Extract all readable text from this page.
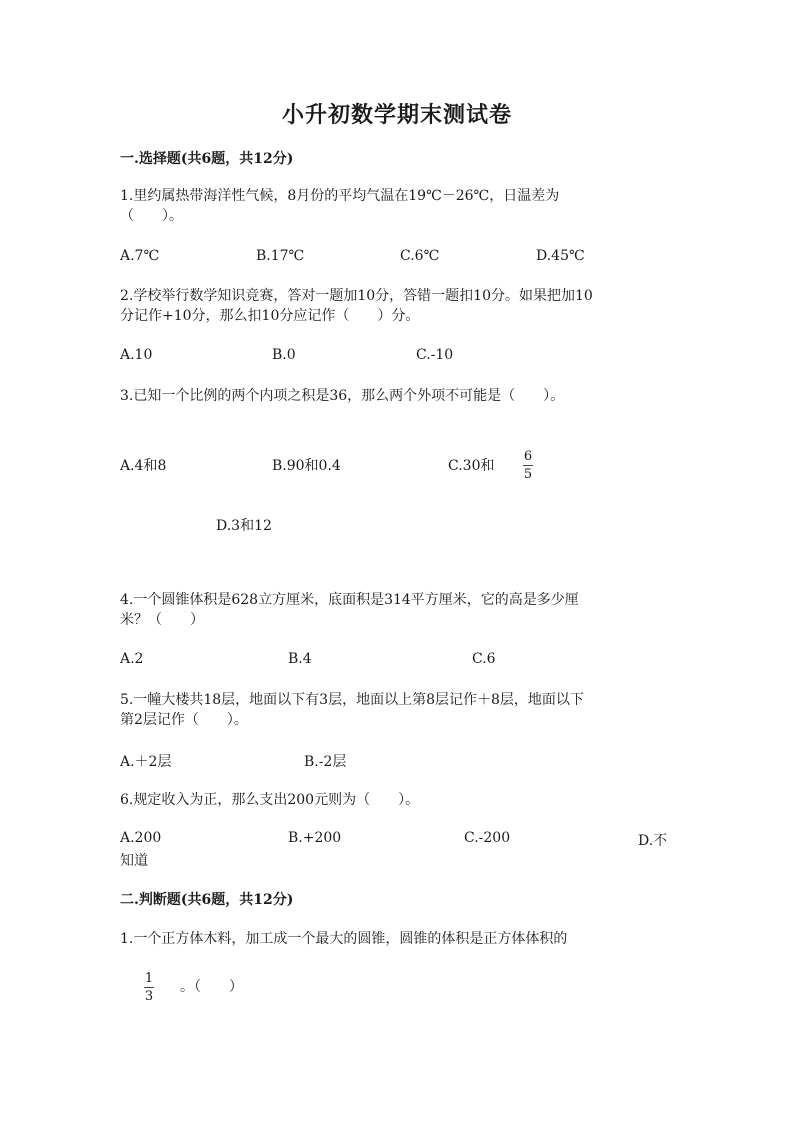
小升初数学期末测试卷
一.选择题(共6题，共12分)
1.里约属热带海洋性气候，8月份的平均气温在19℃－26℃，日温差为
（　　）。
A.7℃	B.17℃	C.6℃	D.45℃
2.学校举行数学知识竞赛，答对一题加10分，答错一题扣10分。如果把加10
分记作+10分，那么扣10分应记作（　　）分。
A.10	B.0	C.-10
3.已知一个比例的两个内项之积是36，那么两个外项不可能是（　　）。
A.4和8	B.90和0.4	C.30和
6
5
D.3和12
4.一个圆锥体积是628立方厘米，底面积是314平方厘米，它的高是多少厘
米？（　　）
A.2	B.4	C.6
5.一幢大楼共18层，地面以下有3层，地面以上第8层记作＋8层，地面以下
第2层记作（　　）。
A.＋2层	B.-2层
6.规定收入为正，那么支出200元则为（　　）。
A.200	B.+200	C.-200	D.不
知道
二.判断题(共6题，共12分)
1.一个正方体木料，加工成一个最大的圆锥，圆锥的体积是正方体体积的
1
3
。（　　）
